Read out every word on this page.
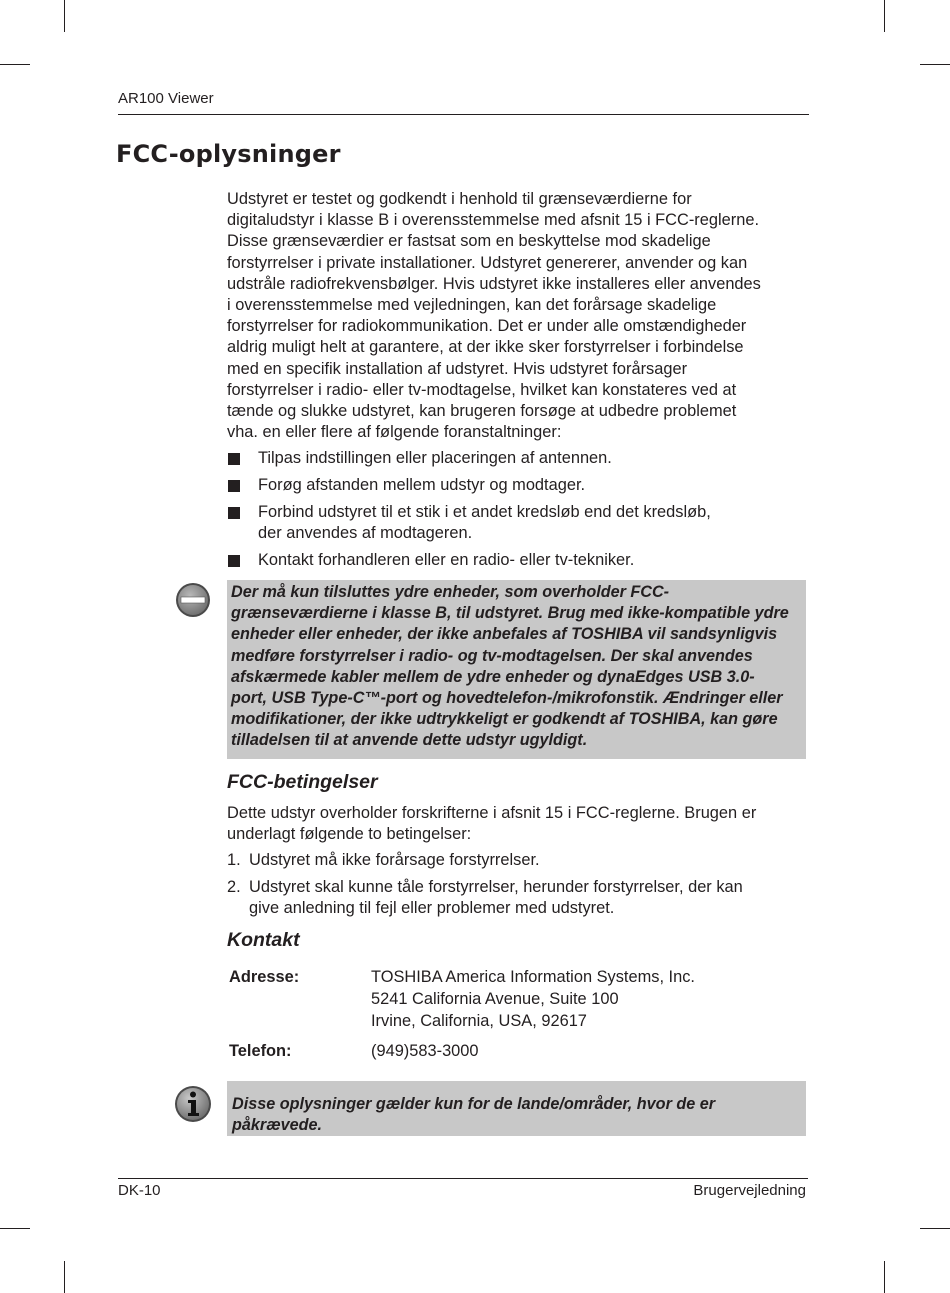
AR100 Viewer
FCC-oplysninger
Udstyret er testet og godkendt i henhold til grænseværdierne for
digitaludstyr i klasse B i overensstemmelse med afsnit 15 i FCC-reglerne.
Disse grænseværdier er fastsat som en beskyttelse mod skadelige
forstyrrelser i private installationer. Udstyret genererer, anvender og kan
udstråle radiofrekvensbølger. Hvis udstyret ikke installeres eller anvendes
i overensstemmelse med vejledningen, kan det forårsage skadelige
forstyrrelser for radiokommunikation. Det er under alle omstændigheder
aldrig muligt helt at garantere, at der ikke sker forstyrrelser i forbindelse
med en specifik installation af udstyret. Hvis udstyret forårsager
forstyrrelser i radio- eller tv-modtagelse, hvilket kan konstateres ved at
tænde og slukke udstyret, kan brugeren forsøge at udbedre problemet
vha. en eller flere af følgende foranstaltninger:
Tilpas indstillingen eller placeringen af antennen.
Forøg afstanden mellem udstyr og modtager.
Forbind udstyret til et stik i et andet kredsløb end det kredsløb,
der anvendes af modtageren.
Kontakt forhandleren eller en radio- eller tv-tekniker.
Der må kun tilsluttes ydre enheder, som overholder FCC-
grænseværdierne i klasse B, til udstyret. Brug med ikke-kompatible ydre
enheder eller enheder, der ikke anbefales af TOSHIBA vil sandsynligvis
medføre forstyrrelser i radio- og tv-modtagelsen. Der skal anvendes
afskærmede kabler mellem de ydre enheder og dynaEdges USB 3.0-
port, USB Type-C™-port og hovedtelefon-/mikrofonstik. Ændringer eller
modifikationer, der ikke udtrykkeligt er godkendt af TOSHIBA, kan gøre
tilladelsen til at anvende dette udstyr ugyldigt.
FCC-betingelser
Dette udstyr overholder forskrifterne i afsnit 15 i FCC-reglerne. Brugen er
underlagt følgende to betingelser:
1. Udstyret må ikke forårsage forstyrrelser.
2. Udstyret skal kunne tåle forstyrrelser, herunder forstyrrelser, der kan
give anledning til fejl eller problemer med udstyret.
Kontakt
Adresse:	TOSHIBA America Information Systems, Inc.
5241 California Avenue, Suite 100
Irvine, California, USA, 92617
Telefon:	(949)583-3000
Disse oplysninger gælder kun for de lande/områder, hvor de er påkrævede.
DK-10	Brugervejledning
